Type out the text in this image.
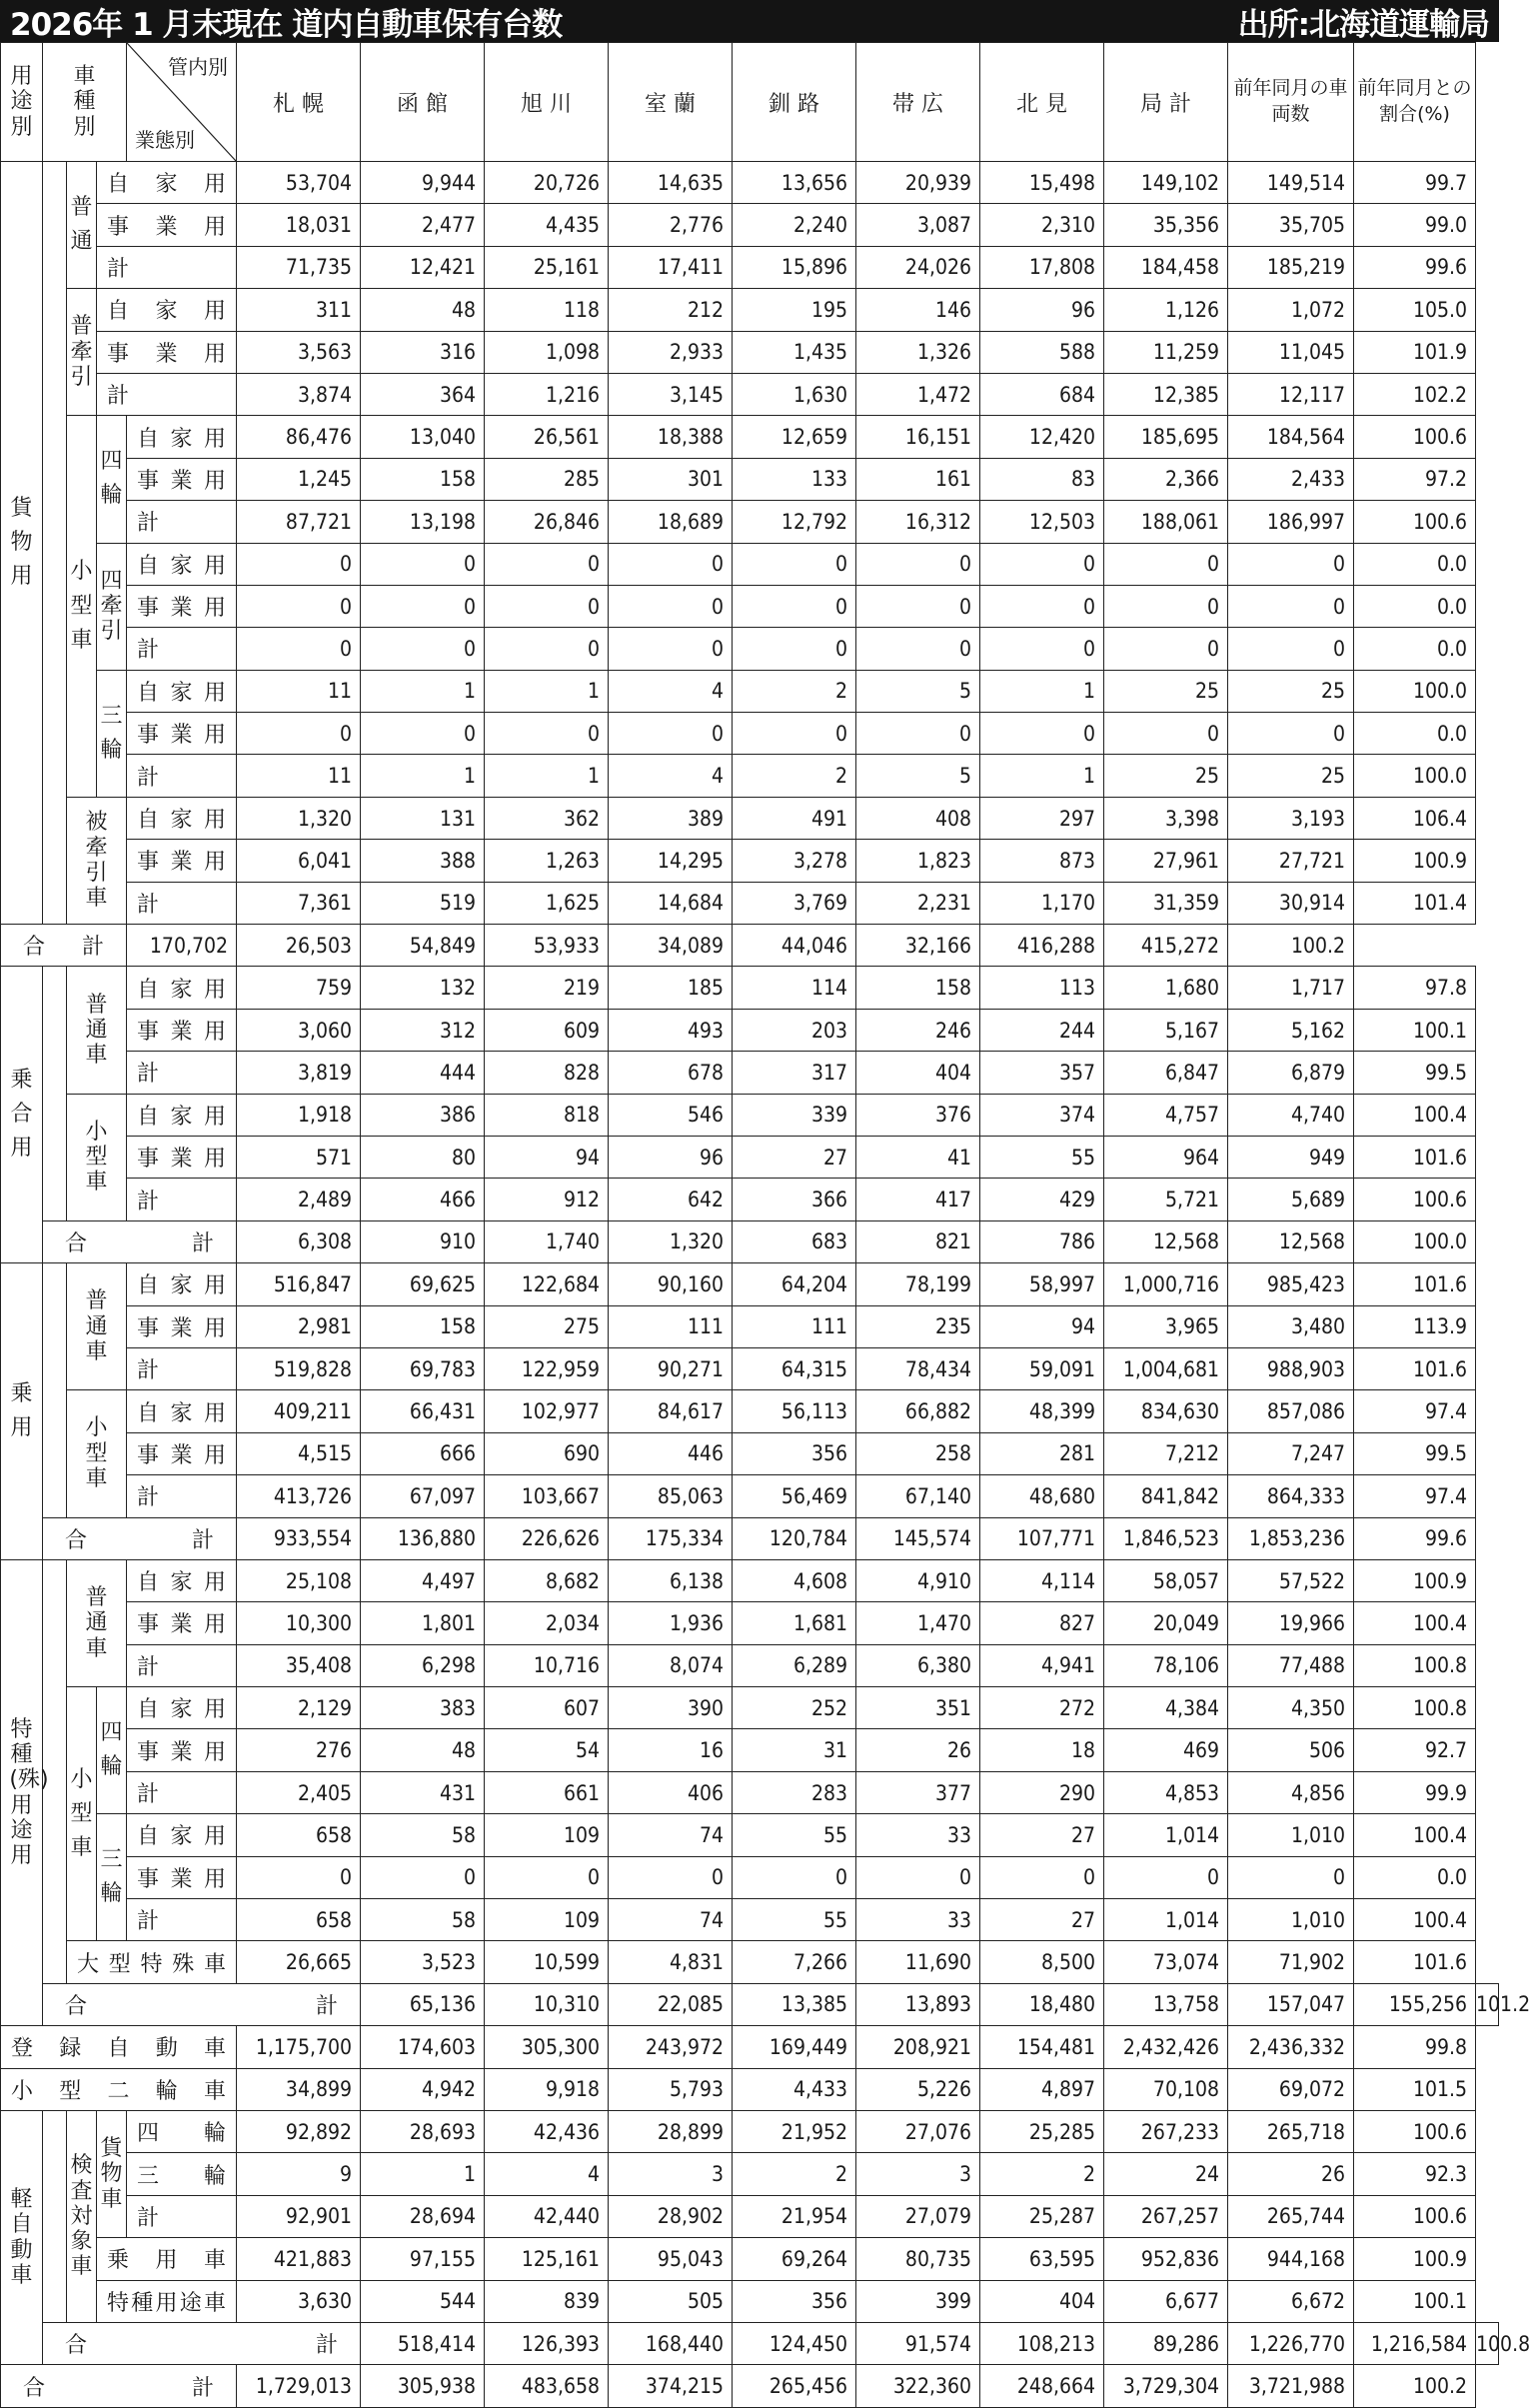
2026年 1 月末現在 道内自動車保有台数	出所:北海道運輸局
用途別	車種別			管内別
業態別	札 幌	函 館	旭 川	室 蘭	釧 路	帯 広	北 見	局 計	前年同月の車両数	前年同月との割合(%)	

貨物用		普通	自 家 用		53,704	9,944	20,726	14,635	13,656	20,939	15,498	149,102	149,514	99.7	

			事 業 用		18,031	2,477	4,435	2,776	2,240	3,087	2,310	35,356	35,705	99.0	

			計		71,735	12,421	25,161	17,411	15,896	24,026	17,808	184,458	185,219	99.6	
		普牽引	自 家 用		311	48	118	212	195	146	96	1,126	1,072	105.0	

			事 業 用		3,563	316	1,098	2,933	1,435	1,326	588	11,259	11,045	101.9	

			計		3,874	364	1,216	3,145	1,630	1,472	684	12,385	12,117	102.2	
		小型車	四輪	自 家 用	86,476	13,040	26,561	18,388	12,659	16,151	12,420	185,695	184,564	100.6	

				事 業 用	1,245	158	285	301	133	161	83	2,366	2,433	97.2	

				計	87,721	13,198	26,846	18,689	12,792	16,312	12,503	188,061	186,997	100.6	
			四牽引	自 家 用	0	0	0	0	0	0	0	0	0	0.0	

				事 業 用	0	0	0	0	0	0	0	0	0	0.0	

				計	0	0	0	0	0	0	0	0	0	0.0	
			三輪	自 家 用	11	1	1	4	2	5	1	25	25	100.0	

				事 業 用	0	0	0	0	0	0	0	0	0	0.0	

				計	11	1	1	4	2	5	1	25	25	100.0	
		被牽引車		自 家 用	1,320	131	362	389	491	408	297	3,398	3,193	106.4	

				事 業 用	6,041	388	1,263	14,295	3,278	1,823	873	27,961	27,721	100.9	

				計	7,361	519	1,625	14,684	3,769	2,231	1,170	31,359	30,914	101.4	

合 計				170,702	26,503	54,849	53,933	34,089	44,046	32,166	416,288	415,272	100.2		
乗合用		普通車		自 家 用	759	132	219	185	114	158	113	1,680	1,717	97.8	

				事 業 用	3,060	312	609	493	203	246	244	5,167	5,162	100.1	

				計	3,819	444	828	678	317	404	357	6,847	6,879	99.5	
		小型車		自 家 用	1,918	386	818	546	339	376	374	4,757	4,740	100.4	

				事 業 用	571	80	94	96	27	41	55	964	949	101.6	

				計	2,489	466	912	642	366	417	429	5,721	5,689	100.6	

	合 計				6,308	910	1,740	1,320	683	821	786	12,568	12,568	100.0	
乗用		普通車		自 家 用	516,847	69,625	122,684	90,160	64,204	78,199	58,997	1,000,716	985,423	101.6	

				事 業 用	2,981	158	275	111	111	235	94	3,965	3,480	113.9	

				計	519,828	69,783	122,959	90,271	64,315	78,434	59,091	1,004,681	988,903	101.6	
		小型車		自 家 用	409,211	66,431	102,977	84,617	56,113	66,882	48,399	834,630	857,086	97.4	

				事 業 用	4,515	666	690	446	356	258	281	7,212	7,247	99.5	

				計	413,726	67,097	103,667	85,063	56,469	67,140	48,680	841,842	864,333	97.4	

	合 計				933,554	136,880	226,626	175,334	120,784	145,574	107,771	1,846,523	1,853,236	99.6	
特種(殊)用途用		普通車		自 家 用	25,108	4,497	8,682	6,138	4,608	4,910	4,114	58,057	57,522	100.9	

				事 業 用	10,300	1,801	2,034	1,936	1,681	1,470	827	20,049	19,966	100.4	

				計	35,408	6,298	10,716	8,074	6,289	6,380	4,941	78,106	77,488	100.8	
		小型車	四輪	自 家 用	2,129	383	607	390	252	351	272	4,384	4,350	100.8	

				事 業 用	276	48	54	16	31	26	18	469	506	92.7	

				計	2,405	431	661	406	283	377	290	4,853	4,856	99.9	
			三輪	自 家 用	658	58	109	74	55	33	27	1,014	1,010	100.4	

				事 業 用	0	0	0	0	0	0	0	0	0	0.0	

				計	658	58	109	74	55	33	27	1,014	1,010	100.4	

		大 型 特 殊 車			26,665	3,523	10,599	4,831	7,266	11,690	8,500	73,074	71,902	101.6	

	合 計					65,136	10,310	22,085	13,385	13,893	18,480	13,758	157,047	155,256	101.2

登 録 自 動 車					1,175,700	174,603	305,300	243,972	169,449	208,921	154,481	2,432,426	2,436,332	99.8	

小 型 二 輪 車					34,899	4,942	9,918	5,793	4,433	5,226	4,897	70,108	69,072	101.5	
軽自動車		検査対象車	貨物車	四 輪	92,892	28,693	42,436	28,899	21,952	27,076	25,285	267,233	265,718	100.6	

				三 輪	9	1	4	3	2	3	2	24	26	92.3	

				計	92,901	28,694	42,440	28,902	21,954	27,079	25,287	267,257	265,744	100.6	

			乗 用 車		421,883	97,155	125,161	95,043	69,264	80,735	63,595	952,836	944,168	100.9	

			特 種 用 途 車		3,630	544	839	505	356	399	404	6,677	6,672	100.1	

	合 計					518,414	126,393	168,440	124,450	91,574	108,213	89,286	1,226,770	1,216,584	100.8

合 計					1,729,013	305,938	483,658	374,215	265,456	322,360	248,664	3,729,304	3,721,988	100.2	
